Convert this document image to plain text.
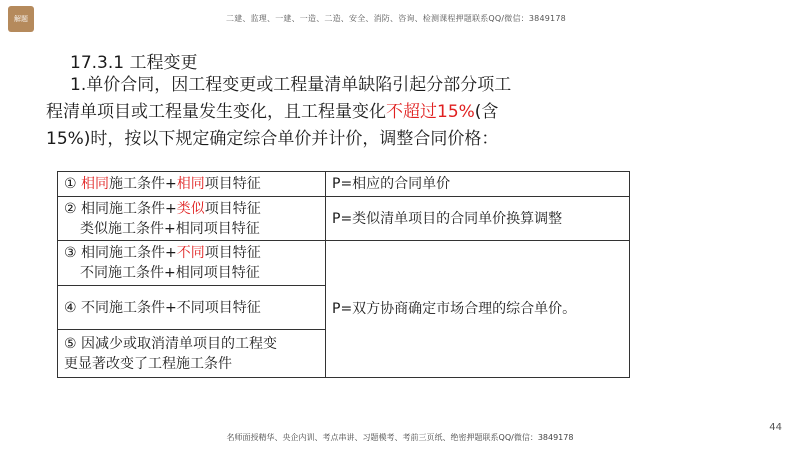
解题	二建、监理、一建、一造、二造、安全、消防、咨询、检测课程押题联系QQ/微信：3849178
17.3.1 工程变更
1.单价合同，因工程变更或工程量清单缺陷引起分部分项工
程清单项目或工程量发生变化，且工程量变化不超过15%(含
15%)时，按以下规定确定综合单价并计价，调整合同价格：
① 相同施工条件+相同项目特征	P=相应的合同单价
② 相同施工条件+类似项目特征
类似施工条件+相同项目特征	P=类似清单项目的合同单价换算调整
③ 相同施工条件+不同项目特征
不同施工条件+相同项目特征	P=双方协商确定市场合理的综合单价。
④ 不同施工条件+不同项目特征	

⑤ 因减少或取消清单项目的工程变
更显著改变了工程施工条件	
44
名师面授精华、央企内训、考点串讲、习题模考、考前三页纸、绝密押题联系QQ/微信：3849178
